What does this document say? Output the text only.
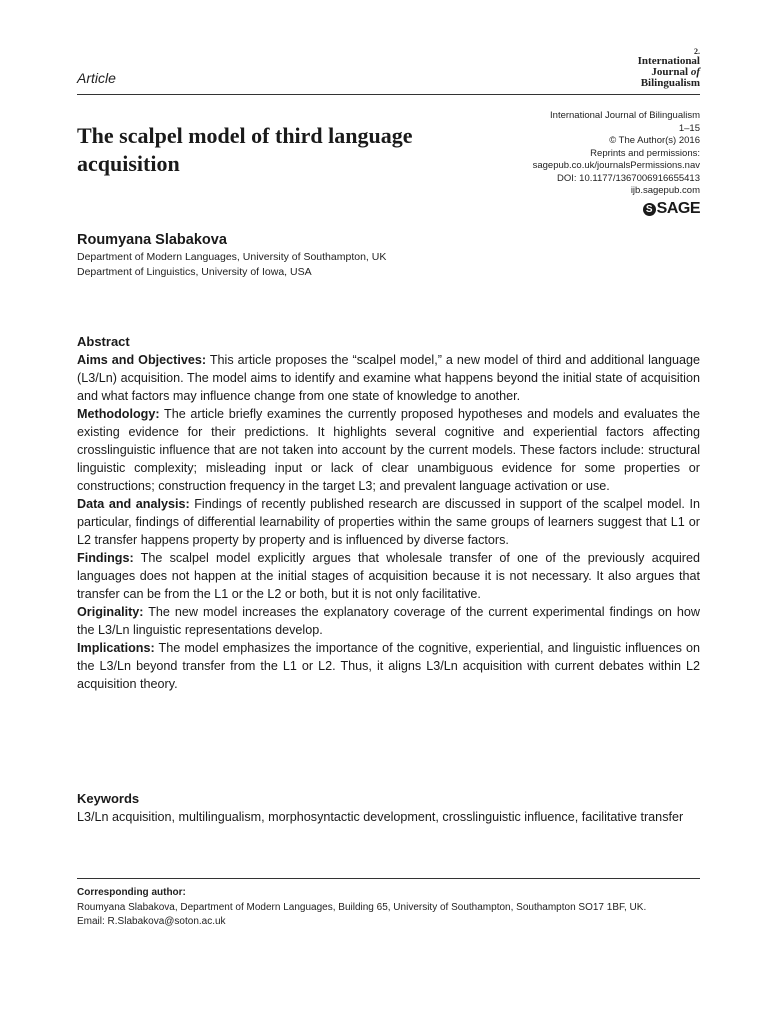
Article
2.
International
Journal of
Bilingualism
The scalpel model of third language acquisition
International Journal of Bilingualism
1–15
© The Author(s) 2016
Reprints and permissions:
sagepub.co.uk/journalsPermissions.nav
DOI: 10.1177/1367006916655413
ijb.sagepub.com
S SAGE
Roumyana Slabakova
Department of Modern Languages, University of Southampton, UK
Department of Linguistics, University of Iowa, USA
Abstract

Aims and Objectives: This article proposes the “scalpel model,” a new model of third and additional language (L3/Ln) acquisition. The model aims to identify and examine what happens beyond the initial state of acquisition and what factors may influence change from one state of knowledge to another.

Methodology: The article briefly examines the currently proposed hypotheses and models and evaluates the existing evidence for their predictions. It highlights several cognitive and experiential factors affecting crosslinguistic influence that are not taken into account by the current models. These factors include: structural linguistic complexity; misleading input or lack of clear unambiguous evidence for some properties or constructions; construction frequency in the target L3; and prevalent language activation or use.

Data and analysis: Findings of recently published research are discussed in support of the scalpel model. In particular, findings of differential learnability of properties within the same groups of learners suggest that L1 or L2 transfer happens property by property and is influenced by diverse factors.

Findings: The scalpel model explicitly argues that wholesale transfer of one of the previously acquired languages does not happen at the initial stages of acquisition because it is not necessary. It also argues that transfer can be from the L1 or the L2 or both, but it is not only facilitative.

Originality: The new model increases the explanatory coverage of the current experimental findings on how the L3/Ln linguistic representations develop.

Implications: The model emphasizes the importance of the cognitive, experiential, and linguistic influences on the L3/Ln beyond transfer from the L1 or L2. Thus, it aligns L3/Ln acquisition with current debates within L2 acquisition theory.

Keywords

L3/Ln acquisition, multilingualism, morphosyntactic development, crosslinguistic influence, facilitative transfer

Corresponding author:

Roumyana Slabakova, Department of Modern Languages, Building 65, University of Southampton, Southampton SO17 1BF, UK.

Email: R.Slabakova@soton.ac.uk
